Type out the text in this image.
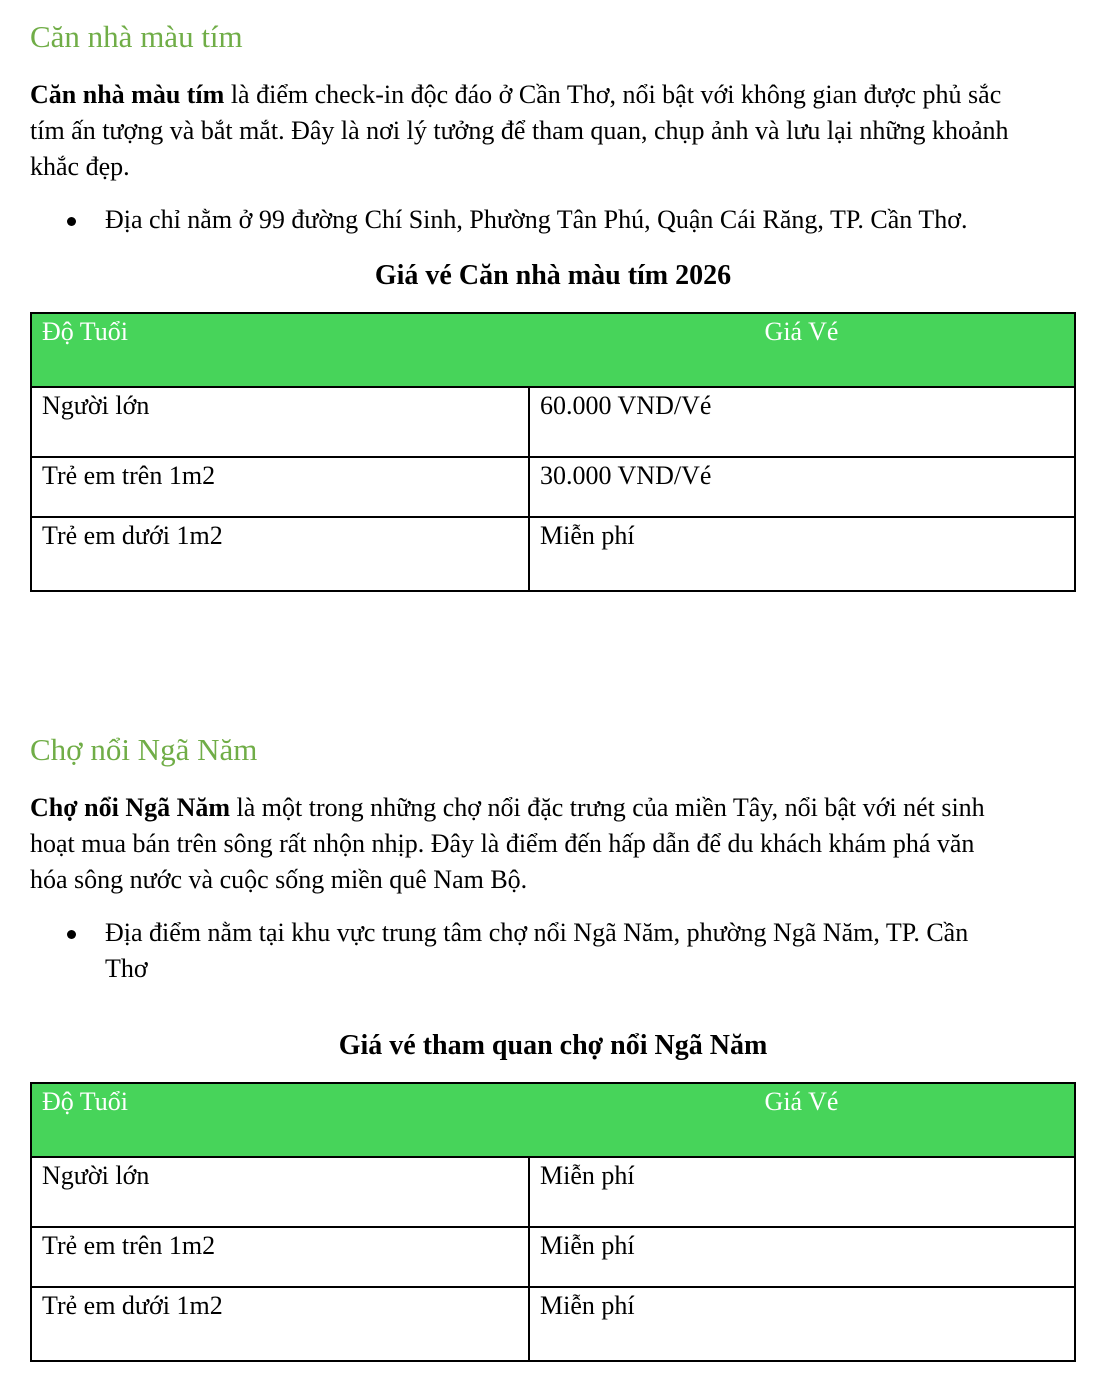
Căn nhà màu tím

Căn nhà màu tím là điểm check-in độc đáo ở Cần Thơ, nổi bật với không gian được phủ sắc tím ấn tượng và bắt mắt. Đây là nơi lý tưởng để tham quan, chụp ảnh và lưu lại những khoảnh khắc đẹp.

Địa chỉ nằm ở 99 đường Chí Sinh, Phường Tân Phú, Quận Cái Răng, TP. Cần Thơ.
Giá vé Căn nhà màu tím 2026
Độ Tuổi	Giá Vé
Người lớn	60.000 VND/Vé
Trẻ em trên 1m2	30.000 VND/Vé
Trẻ em dưới 1m2	Miễn phí
Chợ nổi Ngã Năm

Chợ nổi Ngã Năm là một trong những chợ nổi đặc trưng của miền Tây, nổi bật với nét sinh hoạt mua bán trên sông rất nhộn nhịp. Đây là điểm đến hấp dẫn để du khách khám phá văn hóa sông nước và cuộc sống miền quê Nam Bộ.

Địa điểm nằm tại khu vực trung tâm chợ nổi Ngã Năm, phường Ngã Năm, TP. Cần Thơ
Giá vé tham quan chợ nổi Ngã Năm
Độ Tuổi	Giá Vé
Người lớn	Miễn phí
Trẻ em trên 1m2	Miễn phí
Trẻ em dưới 1m2	Miễn phí
